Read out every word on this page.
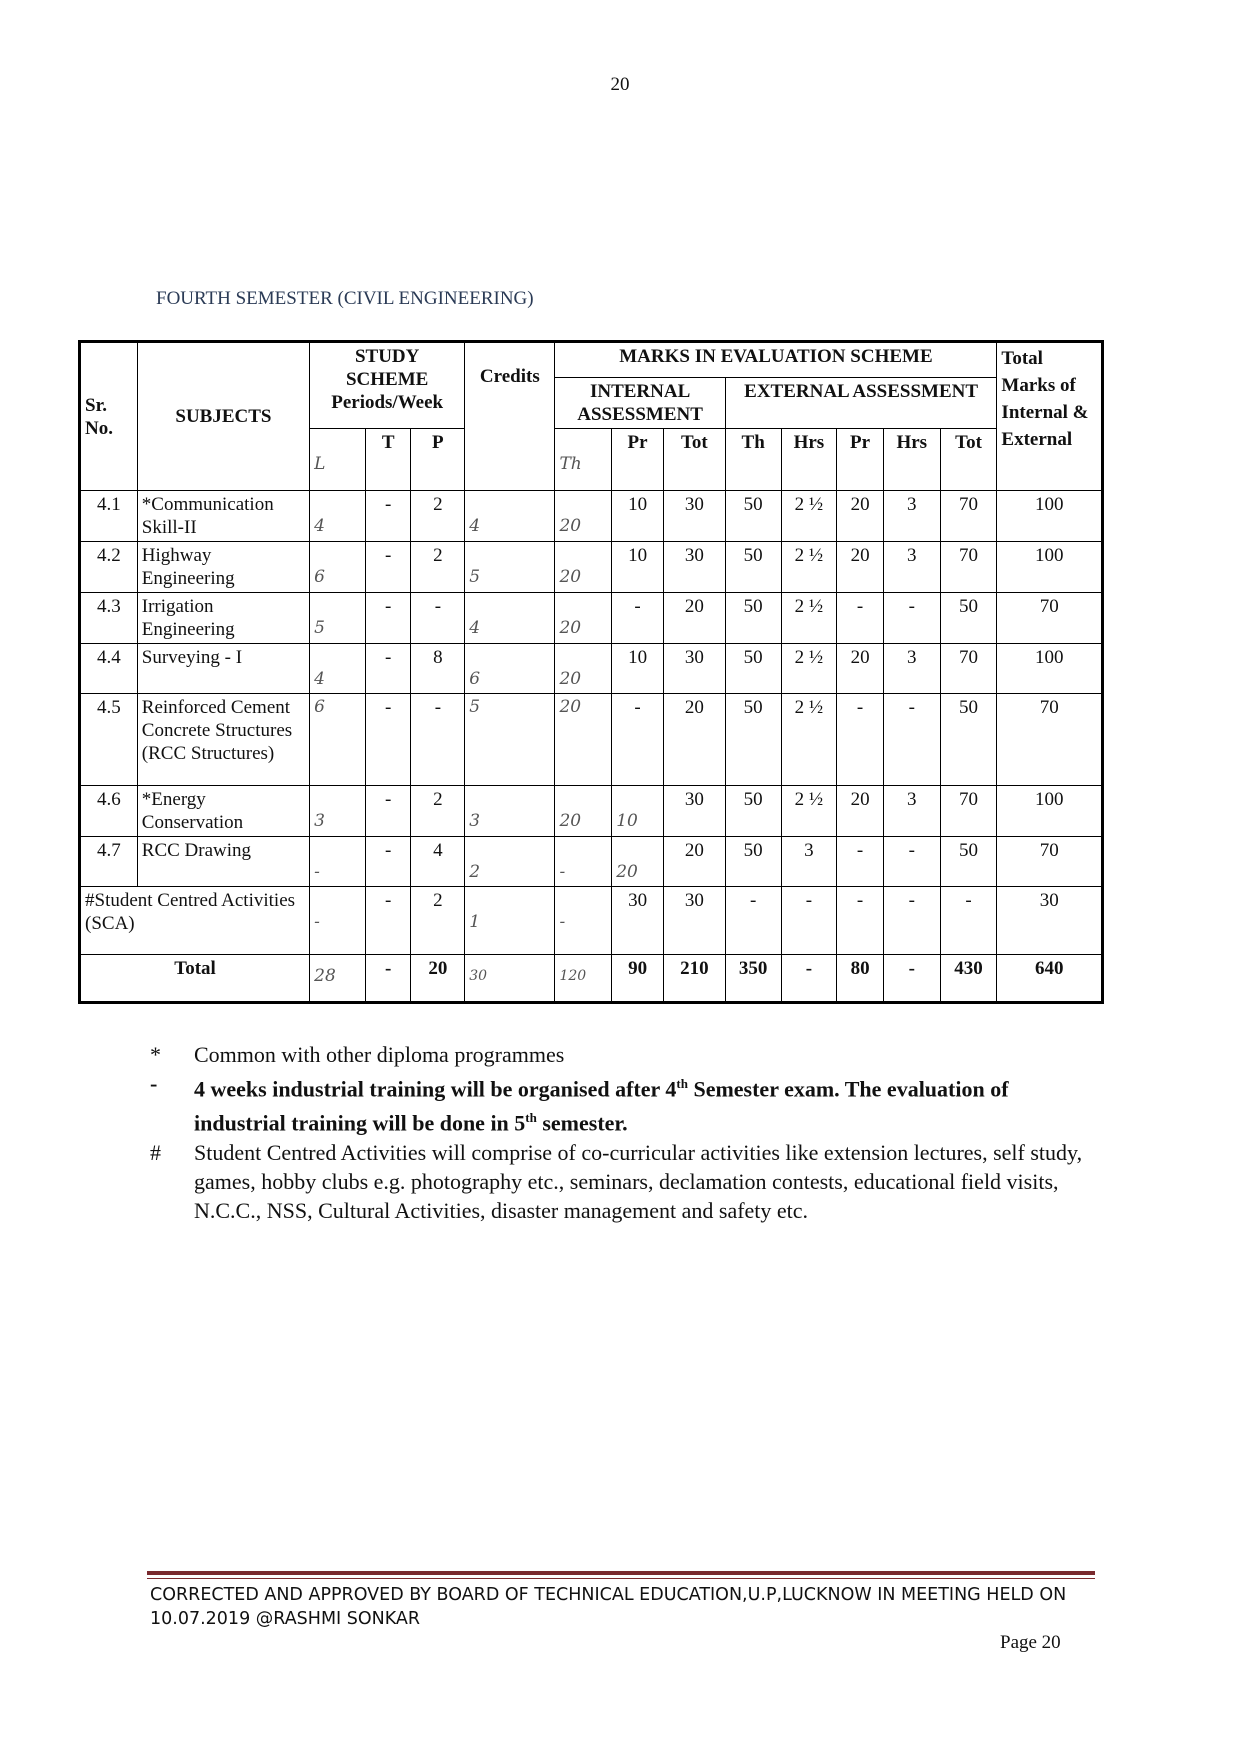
20
FOURTH SEMESTER (CIVIL ENGINEERING)
Sr. No.	SUBJECTS	STUDY SCHEME Periods/Week			Credits	MARKS IN EVALUATION SCHEME								Total Marks of Internal & External
						INTERNAL ASSESSMENT			EXTERNAL ASSESSMENT					

		L	T	P		Th	Pr	Tot	Th	Hrs	Pr	Hrs	Tot	
4.1	*Communication Skill-II	4	-	2	4	20	10	30	50	2 ½	20	3	70	100
4.2	Highway Engineering	6	-	2	5	20	10	30	50	2 ½	20	3	70	100
4.3	Irrigation Engineering	5	-	-	4	20	-	20	50	2 ½	-	-	50	70
4.4	Surveying - I	4	-	8	6	20	10	30	50	2 ½	20	3	70	100
4.5	Reinforced Cement Concrete Structures (RCC Structures)	6	-	-	5	20	-	20	50	2 ½	-	-	50	70
4.6	*Energy Conservation	3	-	2	3	20	10	30	50	2 ½	20	3	70	100
4.7	RCC Drawing	-	-	4	2	-	20	20	50	3	-	-	50	70
#Student Centred Activities (SCA)		-	-	2	1	-	30	30	-	-	-	-	-	30
Total		28	-	20	30	120	90	210	350	-	80	-	430	640
*	Common with other diploma programmes
-	4 weeks industrial training will be organised after 4th Semester exam. The evaluation of industrial training will be done in 5th semester.
#	Student Centred Activities will comprise of co-curricular activities like extension lectures, self study, games, hobby clubs e.g. photography etc., seminars, declamation contests, educational field visits, N.C.C., NSS, Cultural Activities, disaster management and safety etc.
CORRECTED AND APPROVED BY BOARD OF TECHNICAL EDUCATION,U.P,LUCKNOW IN MEETING HELD ON 10.07.2019 @RASHMI SONKAR
Page 20
